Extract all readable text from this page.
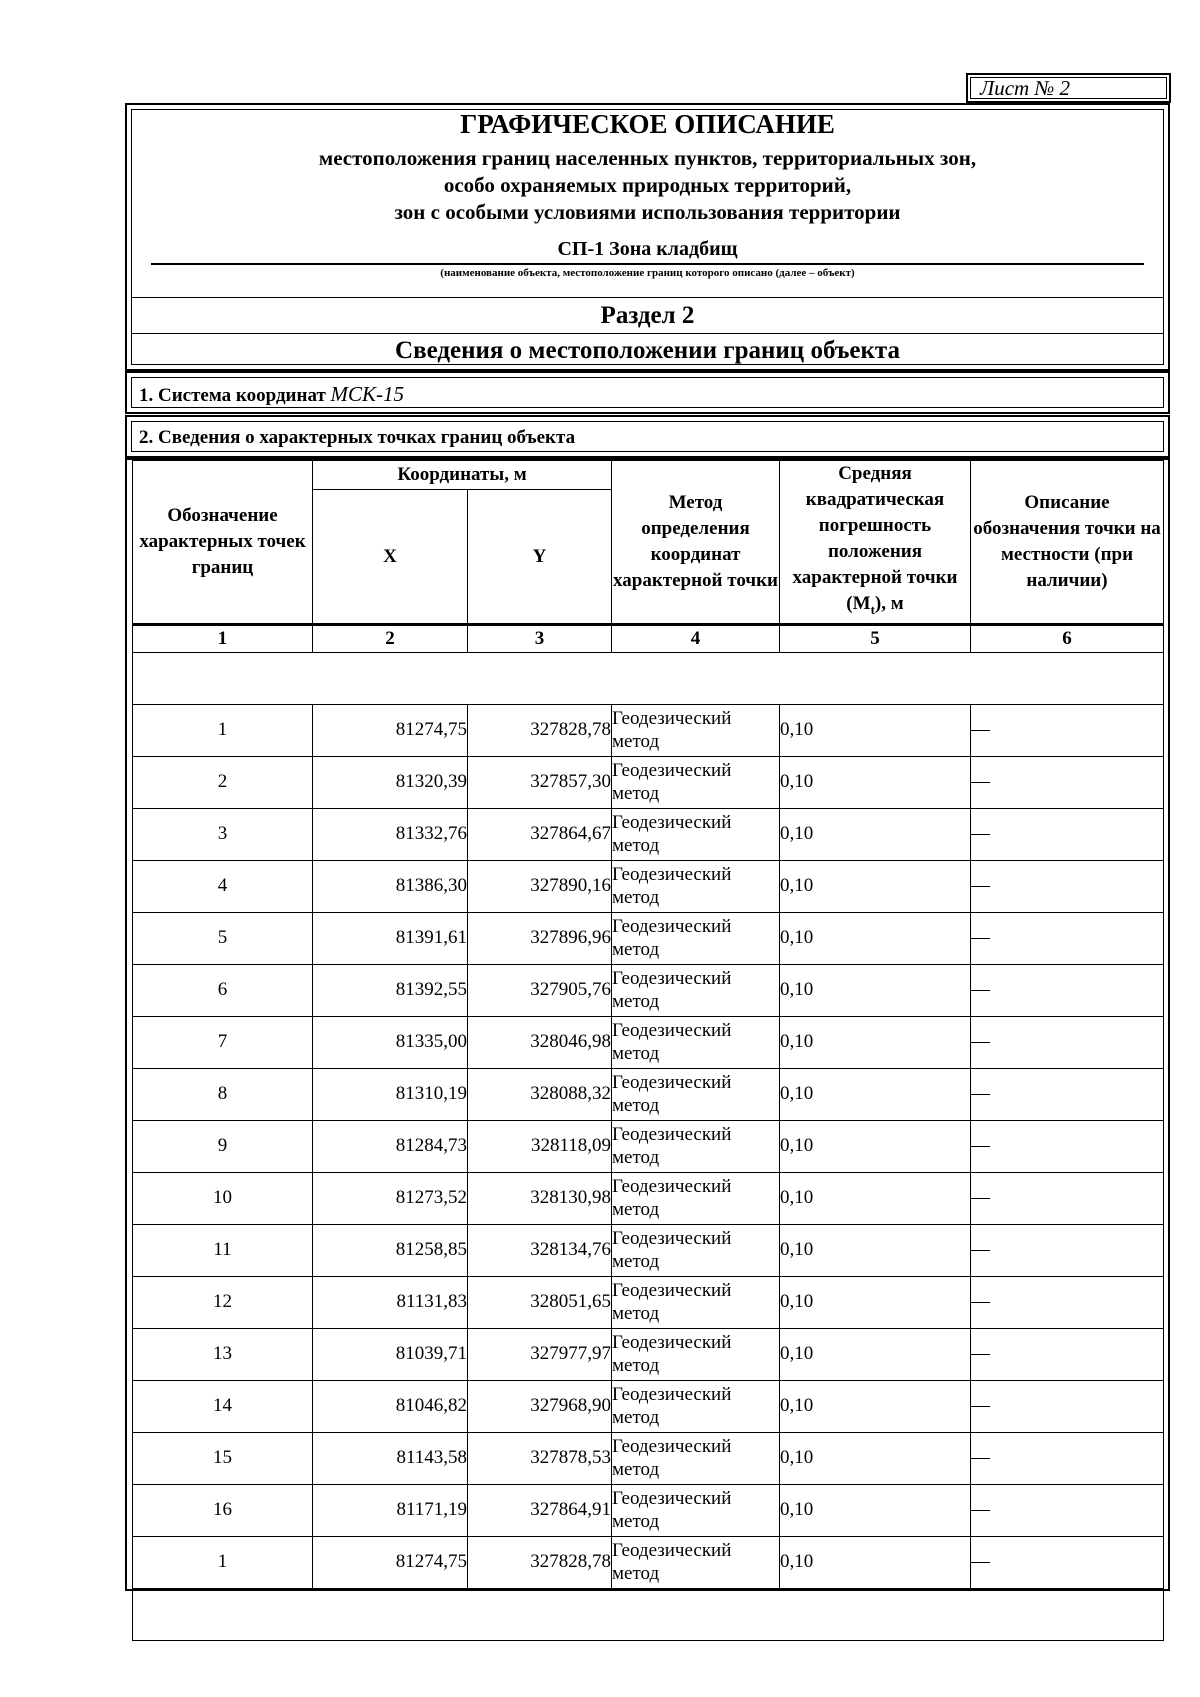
Лист № 2
ГРАФИЧЕСКОЕ ОПИСАНИЕ
местоположения границ населенных пунктов, территориальных зон,
особо охраняемых природных территорий,
зон с особыми условиями использования территории
СП-1 Зона кладбищ
(наименование объекта, местоположение границ которого описано (далее – объект)
Раздел 2
Сведения о местоположении границ объекта
1. Система координат МСК-15
2. Сведения о характерных точках границ объекта
Обозначение характерных точек границ	Координаты, м		Метод определения координат характерной точки	Средняя квадратическая погрешность положения характерной точки $(M_t)$, м	Описание обозначения точки на местности (при наличии)
	X	Y			
1	2	3	4	5	6

1	81274,75	327828,78	Геодезический метод	0,10	—
2	81320,39	327857,30	Геодезический метод	0,10	—
3	81332,76	327864,67	Геодезический метод	0,10	—
4	81386,30	327890,16	Геодезический метод	0,10	—
5	81391,61	327896,96	Геодезический метод	0,10	—
6	81392,55	327905,76	Геодезический метод	0,10	—
7	81335,00	328046,98	Геодезический метод	0,10	—
8	81310,19	328088,32	Геодезический метод	0,10	—
9	81284,73	328118,09	Геодезический метод	0,10	—
10	81273,52	328130,98	Геодезический метод	0,10	—
11	81258,85	328134,76	Геодезический метод	0,10	—
12	81131,83	328051,65	Геодезический метод	0,10	—
13	81039,71	327977,97	Геодезический метод	0,10	—
14	81046,82	327968,90	Геодезический метод	0,10	—
15	81143,58	327878,53	Геодезический метод	0,10	—
16	81171,19	327864,91	Геодезический метод	0,10	—
1	81274,75	327828,78	Геодезический метод	0,10	—
